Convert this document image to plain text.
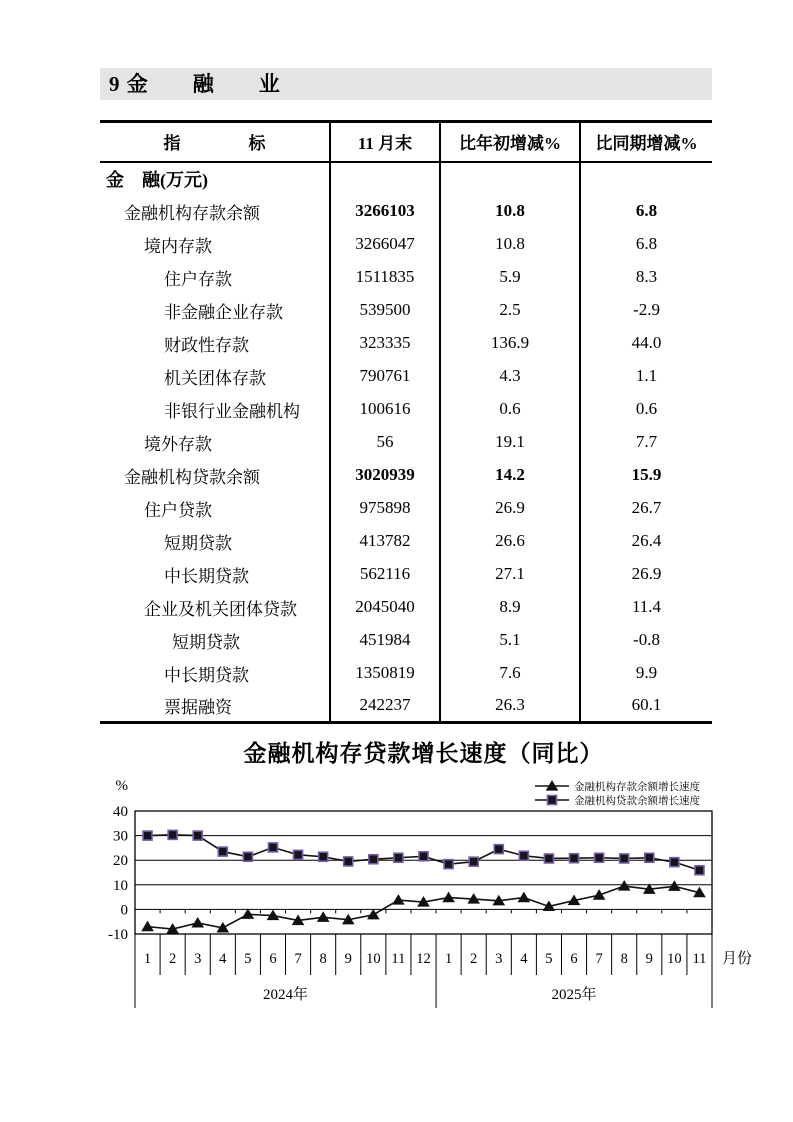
9 金　　融　　业
指　　　　标	11 月末	比年初增减%	比同期增减%
金　融(万元)			
金融机构存款余额	3266103	10.8	6.8
境内存款	3266047	10.8	6.8
住户存款	1511835	5.9	8.3
非金融企业存款	539500	2.5	-2.9
财政性存款	323335	136.9	44.0
机关团体存款	790761	4.3	1.1
非银行业金融机构	100616	0.6	0.6
境外存款	56	19.1	7.7
金融机构贷款余额	3020939	14.2	15.9
住户贷款	975898	26.9	26.7
短期贷款	413782	26.6	26.4
中长期贷款	562116	27.1	26.9
企业及机关团体贷款	2045040	8.9	11.4
短期贷款	451984	5.1	-0.8
中长期贷款	1350819	7.6	9.9
票据融资	242237	26.3	60.1
金融机构存贷款增长速度（同比）
40
30
20
10
0
-10
%
1 2 3 4 5 6 7 8 9 10 11 12 1 2 3 4 5 6 7 8 9 10 11
2024年	2025年
月份
金融机构存款余额增长速度
金融机构贷款余额增长速度
